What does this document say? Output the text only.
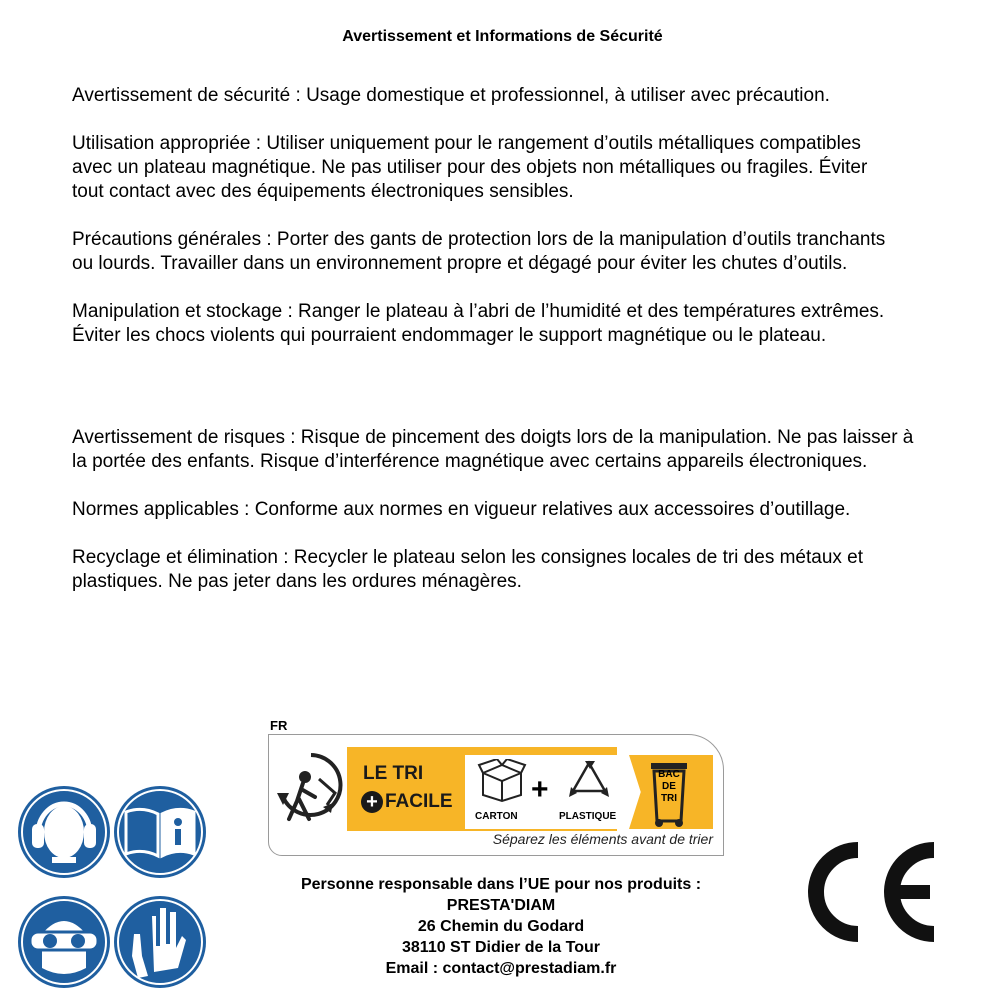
Avertissement et Informations de Sécurité
Avertissement de sécurité : Usage domestique et professionnel, à utiliser avec précaution.
Utilisation appropriée : Utiliser uniquement pour le rangement d’outils métalliques compatibles
avec un plateau magnétique. Ne pas utiliser pour des objets non métalliques ou fragiles. Éviter
tout contact avec des équipements électroniques sensibles.
Précautions générales : Porter des gants de protection lors de la manipulation d’outils tranchants
ou lourds. Travailler dans un environnement propre et dégagé pour éviter les chutes d’outils.
Manipulation et stockage : Ranger le plateau à l’abri de l’humidité et des températures extrêmes.
Éviter les chocs violents qui pourraient endommager le support magnétique ou le plateau.
Avertissement de risques : Risque de pincement des doigts lors de la manipulation. Ne pas laisser à
la portée des enfants. Risque d’interférence magnétique avec certains appareils électroniques.
Normes applicables : Conforme aux normes en vigueur relatives aux accessoires d’outillage.
Recyclage et élimination : Recycler le plateau selon les consignes locales de tri des métaux et
plastiques. Ne pas jeter dans les ordures ménagères.
FR
LE TRI
+ FACILE
CARTON
+
PLASTIQUE
BAC
DE
TRI
Séparez les éléments avant de trier
Personne responsable dans l’UE pour nos produits :
PRESTA'DIAM
26 Chemin du Godard
38110 ST Didier de la Tour
Email : contact@prestadiam.fr
